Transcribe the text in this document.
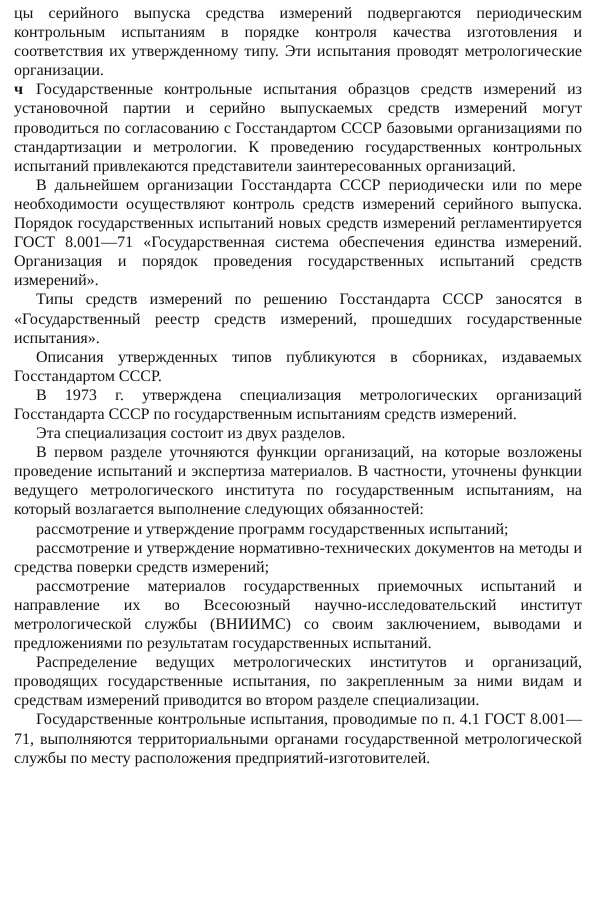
цы серийного выпуска средства измерений подвергаются периодическим контрольным испытаниям в порядке контроля качества изготовления и соответствия их утвержденному типу. Эти испытания проводят метрологические организации.

ч Государственные контрольные испытания образцов средств измерений из установочной партии и серийно выпускаемых средств измерений могут проводиться по согласованию с Госстандартом СССР базовыми организациями по стандартизации и метрологии. К проведению государственных контрольных испытаний привлекаются представители заинтересованных организаций.

В дальнейшем организации Госстандарта СССР периодически или по мере необходимости осуществляют контроль средств измерений серийного выпуска. Порядок государственных испытаний новых средств измерений регламентируется ГОСТ 8.001—71 «Государственная система обеспечения единства измерений. Организация и порядок проведения государственных испытаний средств измерений».

Типы средств измерений по решению Госстандарта СССР заносятся в «Государственный реестр средств измерений, прошедших государственные испытания».

Описания утвержденных типов публикуются в сборниках, издаваемых Госстандартом СССР.

В 1973 г. утверждена специализация метрологических организаций Госстандарта СССР по государственным испытаниям средств измерений.

Эта специализация состоит из двух разделов.

В первом разделе уточняются функции организаций, на которые возложены проведение испытаний и экспертиза материалов. В частности, уточнены функции ведущего метрологического института по государственным испытаниям, на который возлагается выполнение следующих обязанностей:

рассмотрение и утверждение программ государственных испытаний;

рассмотрение и утверждение нормативно-технических документов на методы и средства поверки средств измерений;

рассмотрение материалов государственных приемочных испытаний и направление их во Всесоюзный научно-исследовательский институт метрологической службы (ВНИИМС) со своим заключением, выводами и предложениями по результатам государственных испытаний.

Распределение ведущих метрологических институтов и организаций, проводящих государственные испытания, по закрепленным за ними видам и средствам измерений приводится во втором разделе специализации.

Государственные контрольные испытания, проводимые по п. 4.1 ГОСТ 8.001—71, выполняются территориальными органами государственной метрологической службы по месту расположения предприятий-изготовителей.
